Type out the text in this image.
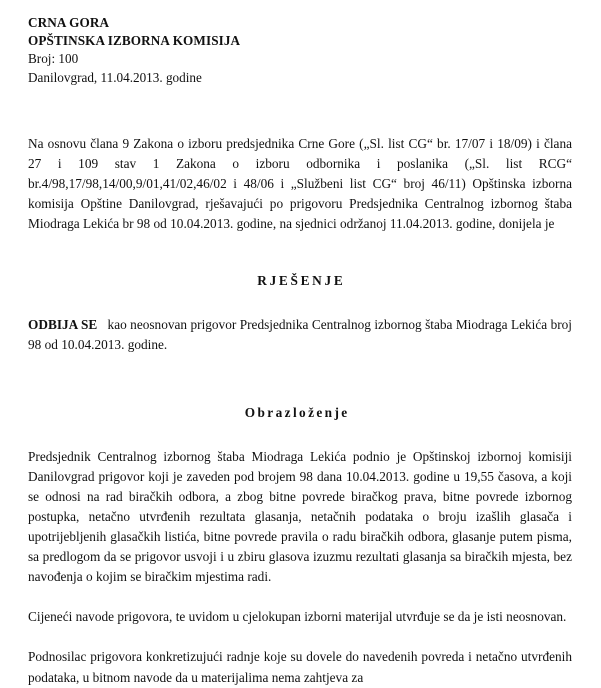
CRNA GORA
OPŠTINSKA IZBORNA KOMISIJA
Broj: 100
Danilovgrad, 11.04.2013. godine

Na osnovu člana 9 Zakona o izboru predsjednika Crne Gore („Sl. list CG“ br. 17/07 i 18/09) i člana 27 i 109 stav 1 Zakona o izboru odbornika i poslanika („Sl. list RCG“ br.4/98,17/98,14/00,9/01,41/02,46/02 i 48/06 i „Službeni list CG“ broj 46/11) Opštinska izborna komisija Opštine Danilovgrad, rješavajući po prigovoru Predsjednika Centralnog izbornog štaba Miodraga Lekića br 98 od 10.04.2013. godine, na sjednici održanoj 11.04.2013. godine, donijela je

RJEŠENJE

ODBIJA SE kao neosnovan prigovor Predsjednika Centralnog izbornog štaba Miodraga Lekića broj 98 od 10.04.2013. godine.

Obrazloženje

Predsjednik Centralnog izbornog štaba Miodraga Lekića podnio je Opštinskoj izbornoj komisiji Danilovgrad prigovor koji je zaveden pod brojem 98 dana 10.04.2013. godine u 19,55 časova, a koji se odnosi na rad biračkih odbora, a zbog bitne povrede biračkog prava, bitne povrede izbornog postupka, netačno utvrđenih rezultata glasanja, netačnih podataka o broju izašlih glasača i upotrijebljenih glasačkih listića, bitne povrede pravila o radu biračkih odbora, glasanje putem pisma, sa predlogom da se prigovor usvoji i u zbiru glasova izuzmu rezultati glasanja sa biračkih mjesta, bez navođenja o kojim se biračkim mjestima radi.

Cijeneći navode prigovora, te uvidom u cjelokupan izborni materijal utvrđuje se da je isti neosnovan.

Podnosilac prigovora konkretizujući radnje koje su dovele do navedenih povreda i netačno utvrđenih podataka, u bitnom navode da u materijalima nema zahtjeva za
